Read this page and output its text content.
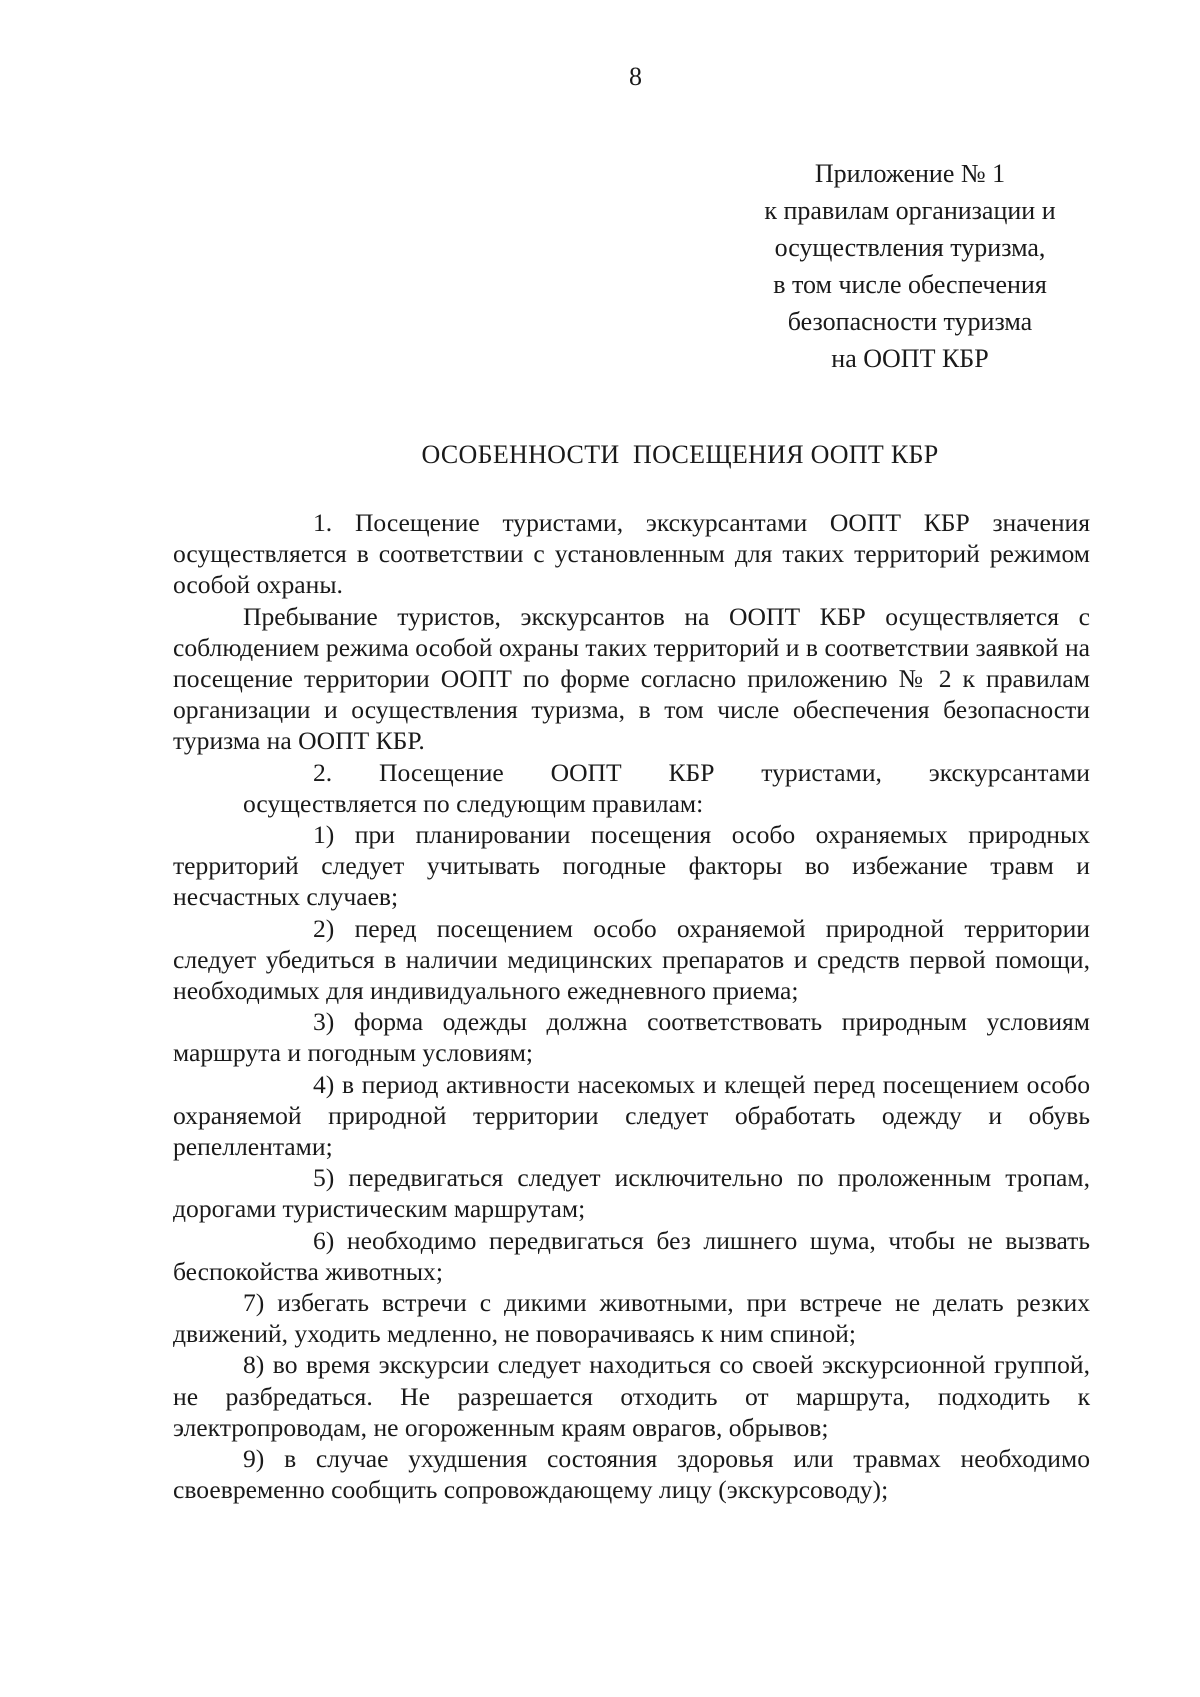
8
Приложение № 1
к правилам организации и
осуществления туризма,
в том числе обеспечения
безопасности туризма
на ООПТ КБР
ОСОБЕННОСТИ  ПОСЕЩЕНИЯ ООПТ КБР

1. Посещение туристами, экскурсантами ООПТ КБР значения осуществляется в соответствии с установленным для таких территорий режимом особой охраны.

Пребывание туристов, экскурсантов на ООПТ КБР осуществляется с соблюдением режима особой охраны таких территорий и в соответствии заявкой на посещение территории ООПТ по форме согласно приложению № 2 к правилам организации и осуществления туризма, в том числе обеспечения безопасности туризма на ООПТ КБР.

2. Посещение ООПТ КБР туристами, экскурсантами

осуществляется по следующим правилам:

1) при планировании посещения особо охраняемых природных территорий следует учитывать погодные факторы во избежание травм и несчастных случаев;

2) перед посещением особо охраняемой природной территории следует убедиться в наличии медицинских препаратов и средств первой помощи, необходимых для индивидуального ежедневного приема;

3) форма одежды должна соответствовать природным условиям маршрута и погодным условиям;

4) в период активности насекомых и клещей перед посещением особо охраняемой природной территории следует обработать одежду и обувь репеллентами;

5) передвигаться следует исключительно по проложенным тропам, дорогами туристическим маршрутам;

6) необходимо передвигаться без лишнего шума, чтобы не вызвать беспокойства животных;

7) избегать встречи с дикими животными, при встрече не делать резких движений, уходить медленно, не поворачиваясь к ним спиной;

8) во время экскурсии следует находиться со своей экскурсионной группой, не разбредаться. Не разрешается отходить от маршрута, подходить к электропроводам, не огороженным краям оврагов, обрывов;

9) в случае ухудшения состояния здоровья или травмах необходимо своевременно сообщить сопровождающему лицу (экскурсоводу);
